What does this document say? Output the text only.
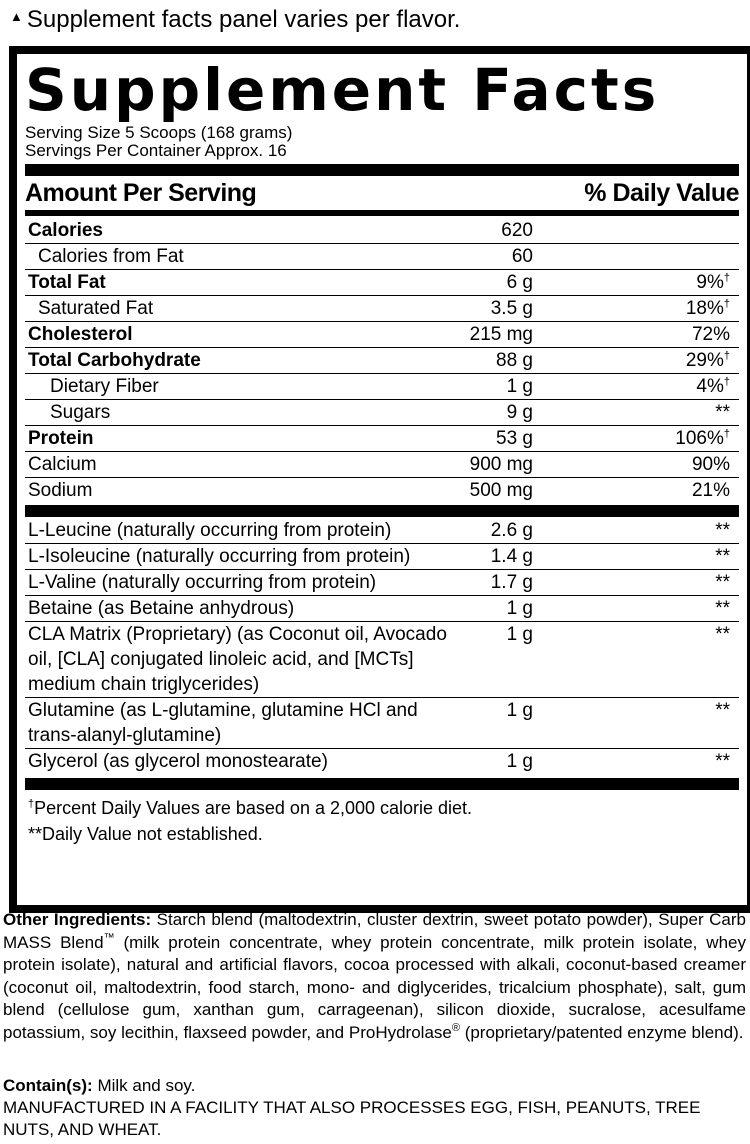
▲ Supplement facts panel varies per flavor.
Supplement Facts
Serving Size 5 Scoops (168 grams)
Servings Per Container Approx. 16
Amount Per Serving	% Daily Value
Calories	620
Calories from Fat	60
Total Fat	6 g	9%†
Saturated Fat	3.5 g	18%†
Cholesterol	215 mg	72%
Total Carbohydrate	88 g	29%†
Dietary Fiber	1 g	4%†
Sugars	9 g	**
Protein	53 g	106%†
Calcium	900 mg	90%
Sodium	500 mg	21%
L-Leucine (naturally occurring from protein)	2.6 g	**
L-Isoleucine (naturally occurring from protein)	1.4 g	**
L-Valine (naturally occurring from protein)	1.7 g	**
Betaine (as Betaine anhydrous)	1 g	**
CLA Matrix (Proprietary) (as Coconut oil, Avocado oil, [CLA] conjugated linoleic acid, and [MCTs] medium chain triglycerides)
1 g	**
Glutamine (as L-glutamine, glutamine HCl and trans-alanyl-glutamine)
1 g	**
Glycerol (as glycerol monostearate)	1 g	**
†Percent Daily Values are based on a 2,000 calorie diet.
**Daily Value not established.
Other Ingredients: Starch blend (maltodextrin, cluster dextrin, sweet potato powder), Super Carb MASS Blend™ (milk protein concentrate, whey protein concentrate, milk protein isolate, whey protein isolate), natural and artificial flavors, cocoa processed with alkali, coconut-based creamer (coconut oil, maltodextrin, food starch, mono- and diglycerides, tricalcium phosphate), salt, gum blend (cellulose gum, xanthan gum, carrageenan), silicon dioxide, sucralose, acesulfame potassium, soy lecithin, flaxseed powder, and ProHydrolase® (proprietary/patented enzyme blend).
Contain(s): Milk and soy.
MANUFACTURED IN A FACILITY THAT ALSO PROCESSES EGG, FISH, PEANUTS, TREE NUTS, AND WHEAT.
